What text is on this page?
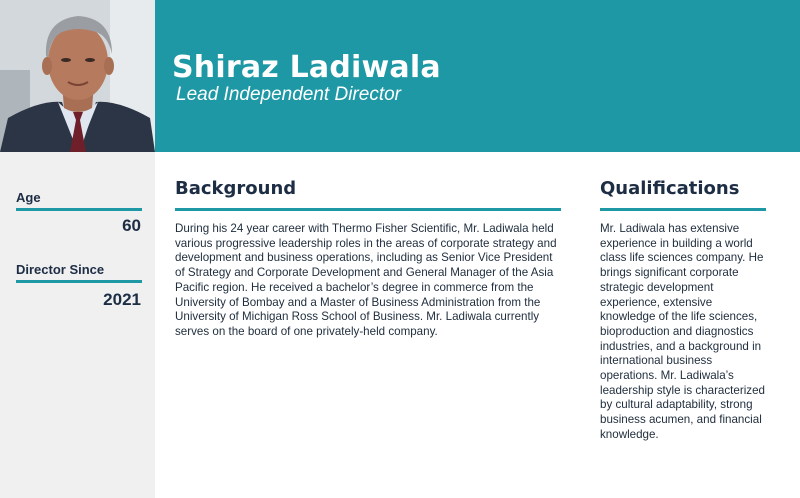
Shiraz Ladiwala
Lead Independent Director
Age
60
Director Since
2021
Background
During his 24 year career with Thermo Fisher Scientific, Mr. Ladiwala held various progressive leadership roles in the areas of corporate strategy and development and business operations, including as Senior Vice President of Strategy and Corporate Development and General Manager of the Asia Pacific region. He received a bachelor’s degree in commerce from the University of Bombay and a Master of Business Administration from the University of Michigan Ross School of Business. Mr. Ladiwala currently serves on the board of one privately-held company.
Qualifications
Mr. Ladiwala has extensive experience in building a world class life sciences company. He brings significant corporate strategic development experience, extensive knowledge of the life sciences, bioproduction and diagnostics industries, and a background in international business operations. Mr. Ladiwala’s leadership style is characterized by cultural adaptability, strong business acumen, and financial knowledge.
